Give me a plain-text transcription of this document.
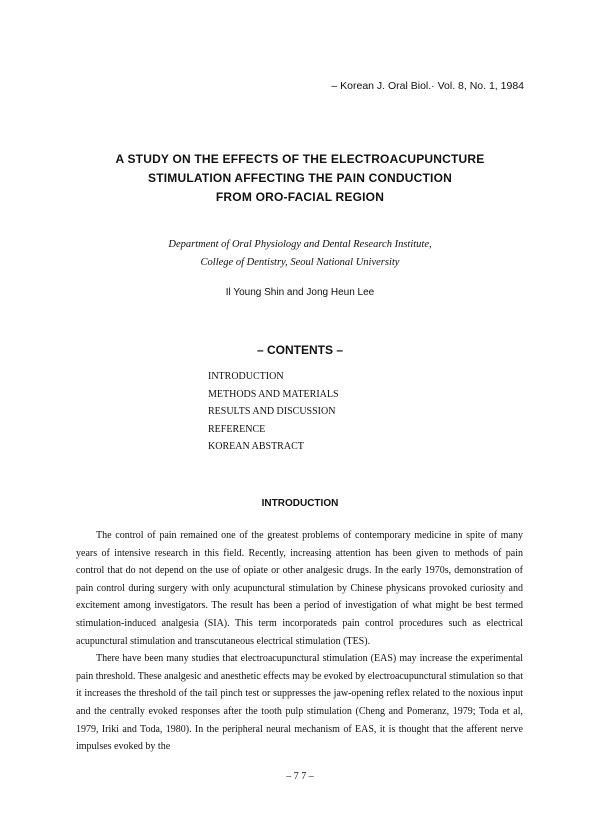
– Korean J. Oral Biol.· Vol. 8, No. 1, 1984
A STUDY ON THE EFFECTS OF THE ELECTROACUPUNCTURE
STIMULATION AFFECTING THE PAIN CONDUCTION
FROM ORO-FACIAL REGION
Department of Oral Physiology and Dental Research Institute,
College of Dentistry, Seoul National University
Il Young Shin and Jong Heun Lee
– CONTENTS –
INTRODUCTION
METHODS AND MATERIALS
RESULTS AND DISCUSSION
REFERENCE
KOREAN ABSTRACT
INTRODUCTION

The control of pain remained one of the greatest problems of contemporary medicine in spite of many years of intensive research in this field. Recently, increasing attention has been given to methods of pain control that do not depend on the use of opiate or other analgesic drugs. In the early 1970s, demonstration of pain control during surgery with only acupunctural stimulation by Chinese physicans provoked curiosity and excitement among investigators. The result has been a period of investigation of what might be best termed stimulation-induced analgesia (SIA). This term incorporateds pain control procedures such as electrical acupunctural stimulation and transcutaneous electrical stimulation (TES).

There have been many studies that electroacupunctural stimulation (EAS) may increase the experimental pain threshold. These analgesic and anesthetic effects may be evoked by electroacupunctural stimulation so that it increases the threshold of the tail pinch test or suppresses the jaw-opening reflex related to the noxious input and the centrally evoked responses after the tooth pulp stimulation (Cheng and Pomeranz, 1979; Toda et al, 1979, Iriki and Toda, 1980). In the peripheral neural mechanism of EAS, it is thought that the afferent nerve impulses evoked by the

– 7 7 –
